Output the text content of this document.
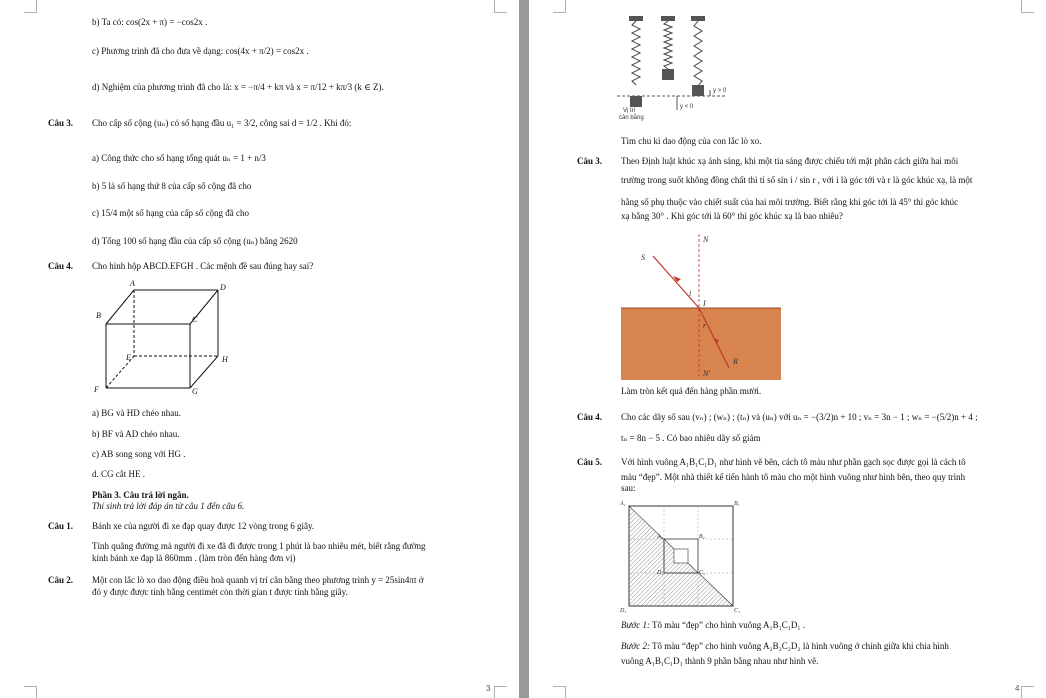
b) Ta có: cos(2x + π) = −cos2x .
c) Phương trình đã cho đưa về dạng: cos(4x + π/2) = cos2x .
d) Nghiệm của phương trình đã cho là: x = −π/4 + kπ và x = π/12 + kπ/3 (k ∈ Z).
Câu 3. Cho cấp số cộng (uₙ) có số hạng đầu u₁ = 3/2, công sai d = 1/2 . Khi đó:
a) Công thức cho số hạng tổng quát uₙ = 1 + n/3
b) 5 là số hạng thứ 8 của cấp số cộng đã cho
c) 15/4 một số hạng của cấp số cộng đã cho
d) Tổng 100 số hạng đầu của cấp số cộng (uₙ) bằng 2620
Câu 4. Cho hình hộp ABCD.EFGH . Các mệnh đề sau đúng hay sai?
A	D
B	C
E	H
F	G
a) BG và HD chéo nhau.
b) BF và AD chéo nhau.
c) AB song song với HG .
d. CG cắt HE .
Phần 3. Câu trả lời ngắn.
Thí sinh trả lời đáp án từ câu 1 đến câu 6.
Câu 1. Bánh xe của người đi xe đạp quay được 12 vòng trong 6 giây.
Tính quãng đường mà người đi xe đã đi được trong 1 phút là bao nhiêu mét, biết rằng đường
kính bánh xe đạp là 860mm . (làm tròn đến hàng đơn vị)
Câu 2. Một con lắc lò xo dao động điều hoà quanh vị trí cân bằng theo phương trình y = 25sin4πt ở
đó y được được tính bằng centimét còn thời gian t được tính bằng giây.
3
y > 0
y < 0
Vị trí
cân bằng
Tìm chu kì dao động của con lắc lò xo.
Câu 3. Theo Định luật khúc xạ ánh sáng, khi một tia sáng được chiếu tới mặt phân cách giữa hai môi
trường trong suốt không đồng chất thì tỉ số sin i / sin r , với i là góc tới và r là góc khúc xạ, là một
hằng số phụ thuộc vào chiết suất của hai môi trường. Biết rằng khi góc tới là 45° thì góc khúc
xạ bằng 30° . Khi góc tới là 60° thì góc khúc xạ là bao nhiêu?
N
S
I
i
r
R
N'
Làm tròn kết quả đến hàng phần mười.
Câu 4. Cho các dãy số sau (vₙ) ; (wₙ) ; (tₙ) và (uₙ) với uₙ = −(3/2)n + 10 ; vₙ = 3n − 1 ; wₙ = −(5/2)n + 4 ;
tₙ = 8n − 5 . Có bao nhiêu dãy số giảm
Câu 5. Với hình vuông A₁B₁C₁D₁ như hình vẽ bên, cách tô màu như phần gạch sọc được gọi là cách tô
màu “đẹp”. Một nhà thiết kế tiến hành tô màu cho một hình vuông như hình bên, theo quy trình
sau:
A₁	B₁
C₁
D₁
A₂	B₂
C₂
D₂
Bước 1: Tô màu “đẹp” cho hình vuông A₁B₁C₁D₁ .
Bước 2: Tô màu “đẹp” cho hình vuông A₂B₂C₂D₂ là hình vuông ở chính giữa khi chia hình
vuông A₁B₁C₁D₁ thành 9 phần bằng nhau như hình vẽ.
4
